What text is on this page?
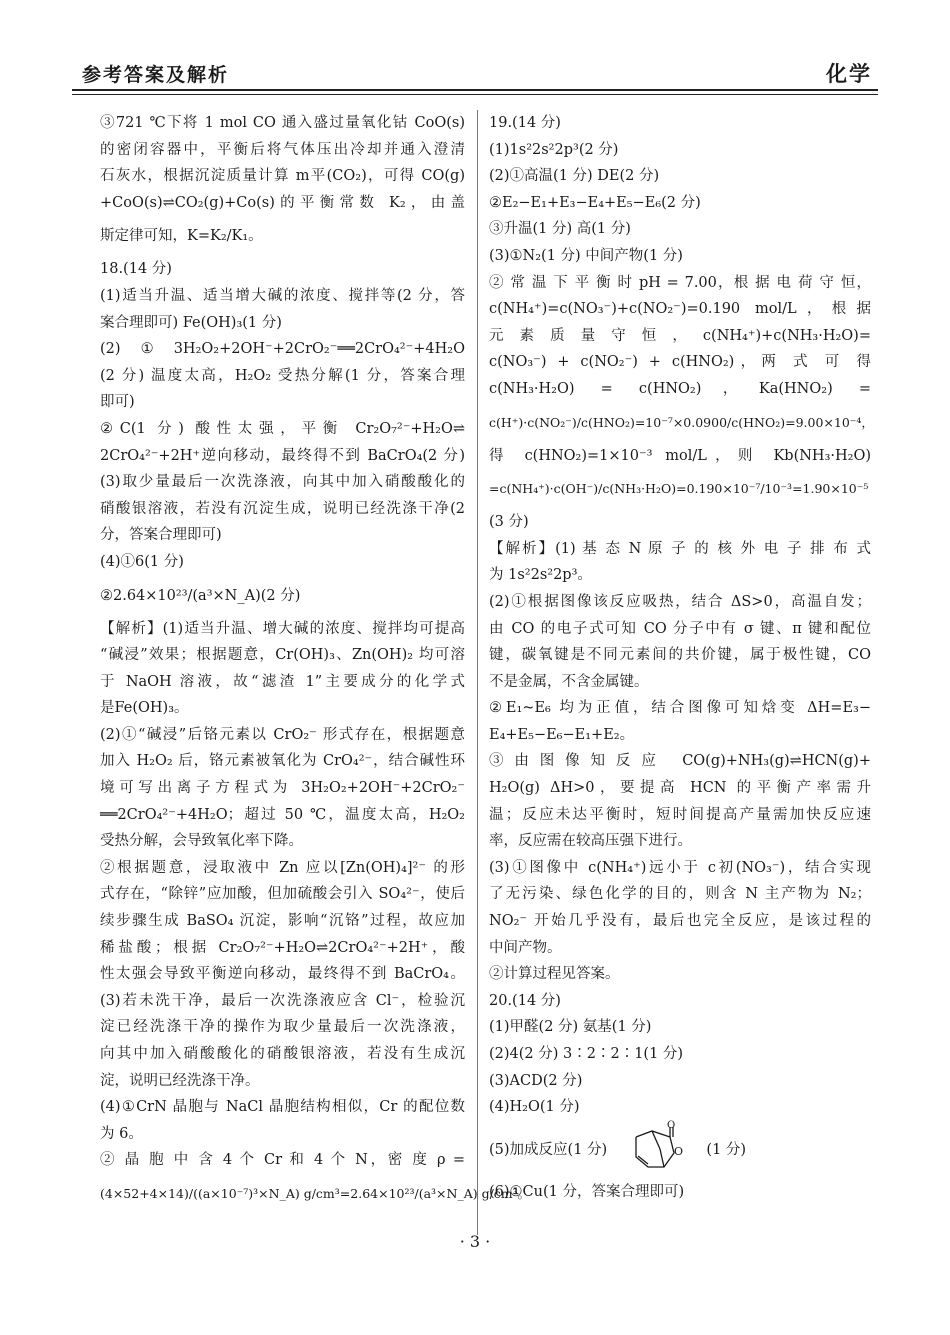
参考答案及解析	化学
③721 ℃下将 1 mol CO 通入盛过量氧化钴 CoO(s)
的密闭容器中，平衡后将气体压出冷却并通入澄清
石灰水，根据沉淀质量计算 m平(CO₂)，可得 CO(g)
+CoO(s)⇌CO₂(g)+Co(s)的平衡常数 K₂，由盖
斯定律可知，K=K₂/K₁。
18.(14 分)
(1)适当升温、适当增大碱的浓度、搅拌等(2 分，答
案合理即可) Fe(OH)₃(1 分)
(2)①3H₂O₂+2OH⁻+2CrO₂⁻══2CrO₄²⁻+4H₂O
(2 分) 温度太高，H₂O₂ 受热分解(1 分，答案合理
即可)
②C(1 分) 酸性太强，平衡 Cr₂O₇²⁻+H₂O⇌
2CrO₄²⁻+2H⁺逆向移动，最终得不到 BaCrO₄(2 分)
(3)取少量最后一次洗涤液，向其中加入硝酸酸化的
硝酸银溶液，若没有沉淀生成，说明已经洗涤干净(2
分，答案合理即可)
(4)①6(1 分)
②2.64×10²³/(a³×N_A)(2 分)
【解析】(1)适当升温、增大碱的浓度、搅拌均可提高
“碱浸”效果；根据题意，Cr(OH)₃、Zn(OH)₂ 均可溶
于 NaOH 溶液，故“滤渣 1”主要成分的化学式
是Fe(OH)₃。
(2)①“碱浸”后铬元素以 CrO₂⁻ 形式存在，根据题意
加入 H₂O₂ 后，铬元素被氧化为 CrO₄²⁻，结合碱性环
境可写出离子方程式为 3H₂O₂+2OH⁻+2CrO₂⁻
══2CrO₄²⁻+4H₂O；超过 50 ℃，温度太高，H₂O₂
受热分解，会导致氧化率下降。
②根据题意，浸取液中 Zn 应以[Zn(OH)₄]²⁻ 的形
式存在，“除锌”应加酸，但加硫酸会引入 SO₄²⁻，使后
续步骤生成 BaSO₄ 沉淀，影响“沉铬”过程，故应加
稀盐酸；根据 Cr₂O₇²⁻+H₂O⇌2CrO₄²⁻+2H⁺，酸
性太强会导致平衡逆向移动，最终得不到 BaCrO₄。
(3)若未洗干净，最后一次洗涤液应含 Cl⁻，检验沉
淀已经洗涤干净的操作为取少量最后一次洗涤液，
向其中加入硝酸酸化的硝酸银溶液，若没有生成沉
淀，说明已经洗涤干净。
(4)①CrN 晶胞与 NaCl 晶胞结构相似，Cr 的配位数
为 6。
② 晶 胞 中 含 4 个 Cr 和 4 个 N，密 度 ρ =
(4×52+4×14)/((a×10⁻⁷)³×N_A) g/cm³=2.64×10²³/(a³×N_A) g/cm³。
19.(14 分)
(1)1s²2s²2p³(2 分)
(2)①高温(1 分) DE(2 分)
②E₂−E₁+E₃−E₄+E₅−E₆(2 分)
③升温(1 分) 高(1 分)
(3)①N₂(1 分) 中间产物(1 分)
② 常 温 下 平 衡 时 pH = 7.00，根 据 电 荷 守 恒，
c(NH₄⁺)=c(NO₃⁻)+c(NO₂⁻)=0.190 mol/L，根据
元素质量守恒，c(NH₄⁺)+c(NH₃·H₂O)=
c(NO₃⁻) + c(NO₂⁻) + c(HNO₂)，两 式 可 得
c(NH₃·H₂O) = c(HNO₂)，Ka(HNO₂) =
c(H⁺)·c(NO₂⁻)/c(HNO₂)=10⁻⁷×0.0900/c(HNO₂)=9.00×10⁻⁴，
得 c(HNO₂)=1×10⁻³ mol/L，则 Kb(NH₃·H₂O)
=c(NH₄⁺)·c(OH⁻)/c(NH₃·H₂O)=0.190×10⁻⁷/10⁻³=1.90×10⁻⁵
(3 分)
【解析】(1) 基 态 N 原 子 的 核 外 电 子 排 布 式
为 1s²2s²2p³。
(2)①根据图像该反应吸热，结合 ΔS>0，高温自发；
由 CO 的电子式可知 CO 分子中有 σ 键、π 键和配位
键，碳氧键是不同元素间的共价键，属于极性键，CO
不是金属，不含金属键。
②E₁~E₆ 均为正值，结合图像可知焓变 ΔH=E₃−
E₄+E₅−E₆−E₁+E₂。
③由图像知反应 CO(g)+NH₃(g)⇌HCN(g)+
H₂O(g) ΔH>0，要提高 HCN 的平衡产率需升
温；反应未达平衡时，短时间提高产量需加快反应速
率，反应需在较高压强下进行。
(3)①图像中 c(NH₄⁺)远小于 c初(NO₃⁻)，结合实现
了无污染、绿色化学的目的，则含 N 主产物为 N₂；
NO₂⁻ 开始几乎没有，最后也完全反应，是该过程的
中间产物。
②计算过程见答案。
20.(14 分)
(1)甲醛(2 分) 氨基(1 分)
(2)4(2 分) 3∶2∶2∶1(1 分)
(3)ACD(2 分)
(4)H₂O(1 分)
(5)加成反应(1 分)	O
O
(1 分)
(6)①Cu(1 分，答案合理即可)
· 3 ·
